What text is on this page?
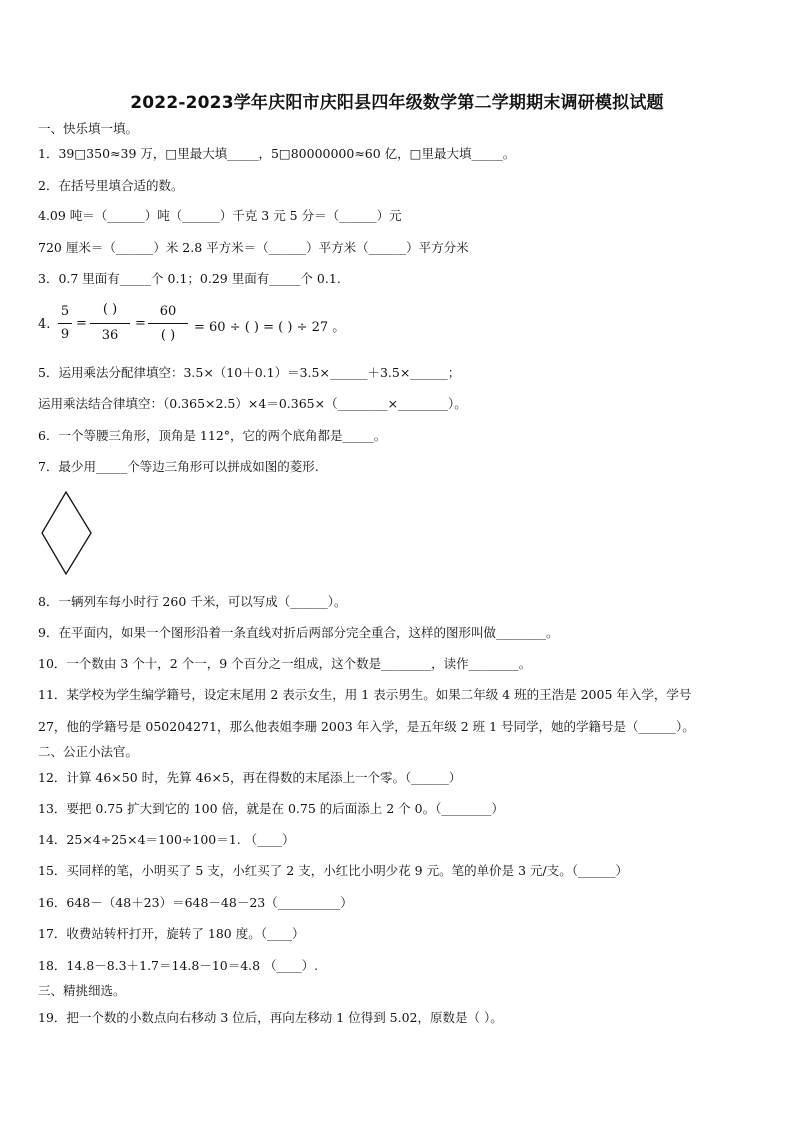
2022-2023学年庆阳市庆阳县四年级数学第二学期期末调研模拟试题
一、快乐填一填。
1．39□350≈39 万，□里最大填_____，5□80000000≈60 亿，□里最大填_____。
2．在括号里填合适的数。
4.09 吨＝（______）吨（______）千克 3 元 5 分＝（______）元
720 厘米＝（______）米 2.8 平方米＝（______）平方米（______）平方分米
3．0.7 里面有_____个 0.1；0.29 里面有_____个 0.1.
4.
5
9
=
( )
36
=
60
( )
= 60 ÷ ( ) = ( ) ÷ 27 。
5．运用乘法分配律填空：3.5×（10＋0.1）＝3.5×______＋3.5×______；
运用乘法结合律填空：（0.365×2.5）×4＝0.365×（________×________）。
6．一个等腰三角形，顶角是 112°，它的两个底角都是_____。
7．最少用_____个等边三角形可以拼成如图的菱形.
8．一辆列车每小时行 260 千米，可以写成（______）。
9．在平面内，如果一个图形沿着一条直线对折后两部分完全重合，这样的图形叫做________。
10．一个数由 3 个十，2 个一，9 个百分之一组成，这个数是________，读作________。
11．某学校为学生编学籍号，设定末尾用 2 表示女生，用 1 表示男生。如果二年级 4 班的王浩是 2005 年入学，学号
27，他的学籍号是 050204271，那么他表姐李珊 2003 年入学，是五年级 2 班 1 号同学，她的学籍号是（______）。
二、公正小法官。
12．计算 46×50 时，先算 46×5，再在得数的末尾添上一个零。（______）
13．要把 0.75 扩大到它的 100 倍，就是在 0.75 的后面添上 2 个 0。（________）
14．25×4÷25×4＝100÷100＝1. （____）
15．买同样的笔，小明买了 5 支，小红买了 2 支，小红比小明少花 9 元。笔的单价是 3 元/支。（______）
16．648－（48＋23）＝648－48－23（__________）
17．收费站转杆打开，旋转了 180 度。（____）
18．14.8－8.3＋1.7＝14.8－10＝4.8 （____）.
三、精挑细选。
19．把一个数的小数点向右移动 3 位后，再向左移动 1 位得到 5.02，原数是（ ）。
